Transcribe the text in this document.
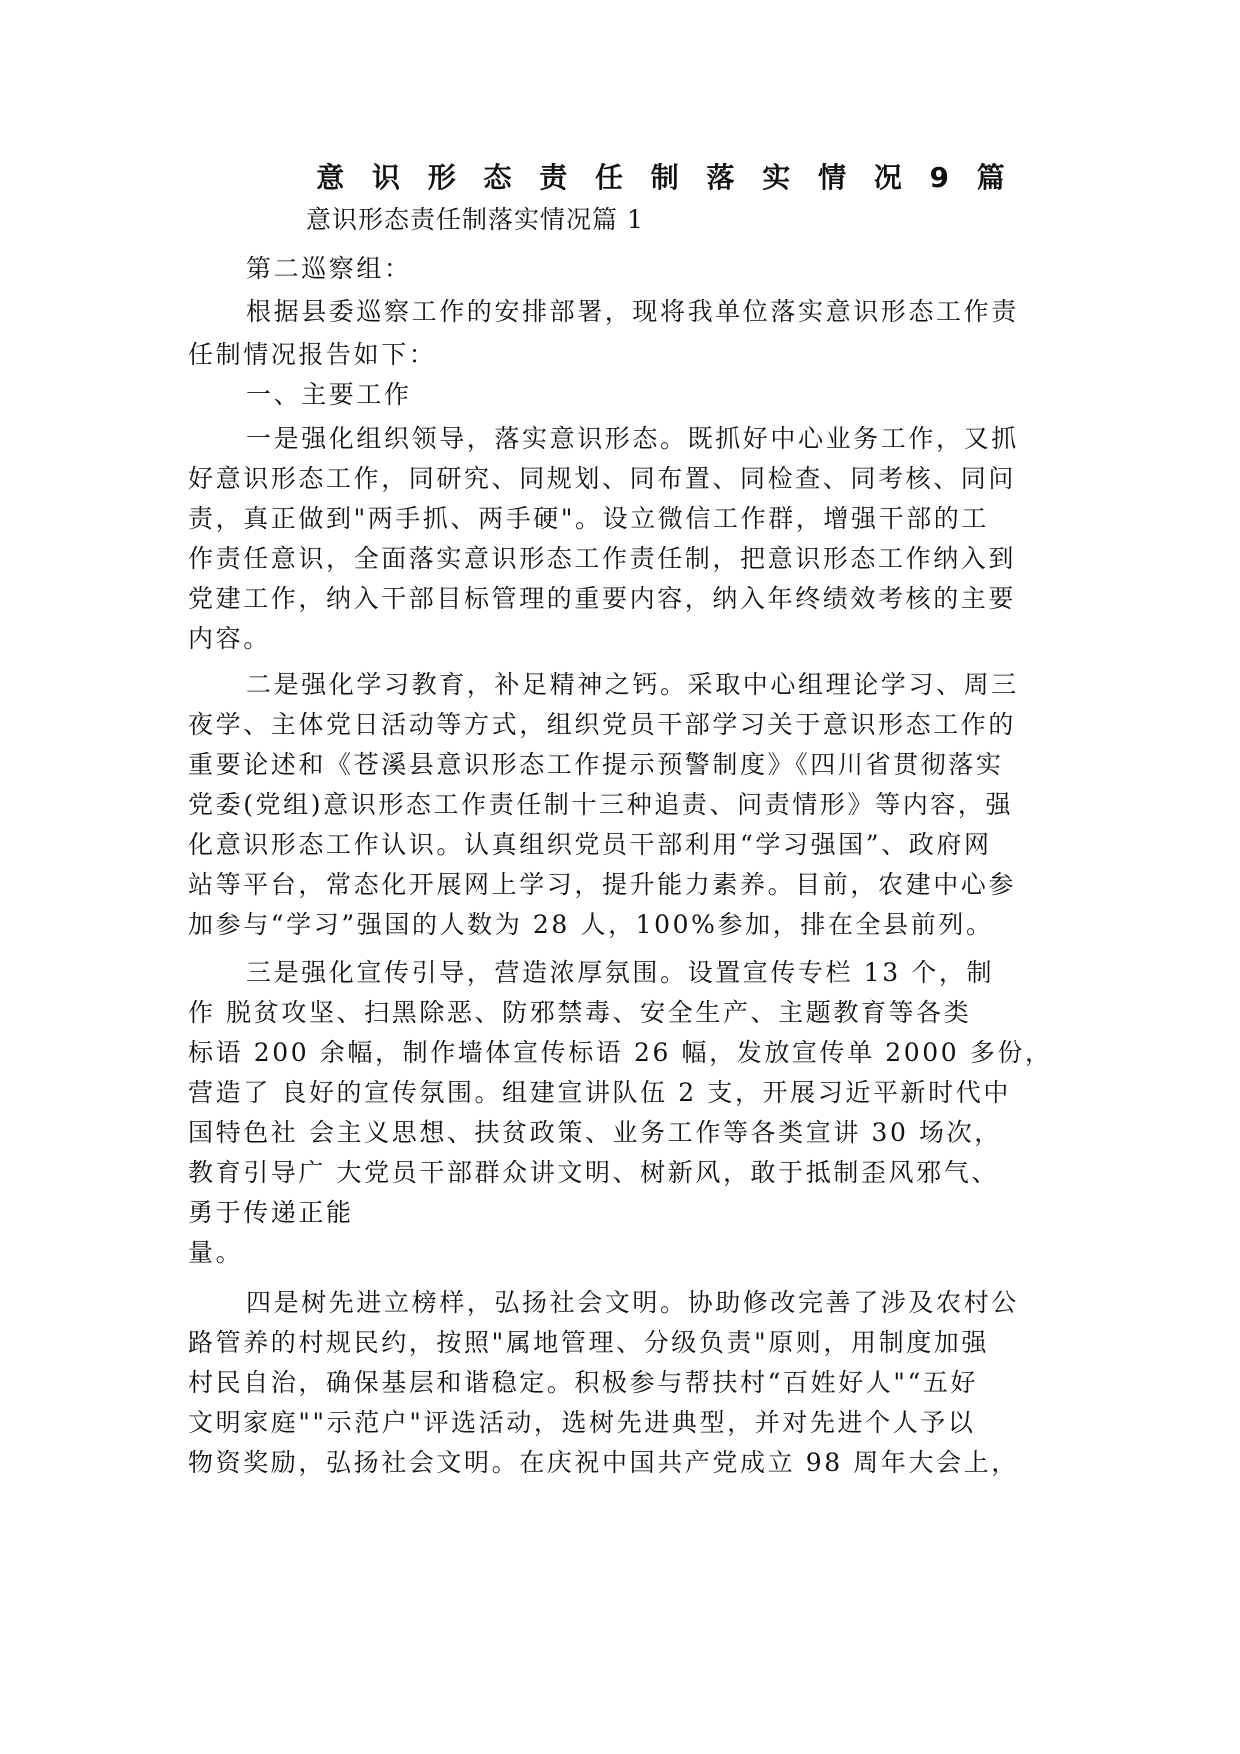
意 识 形 态 责 任 制 落 实 情 况 9 篇
意识形态责任制落实情况篇 1
第二巡察组：
根据县委巡察工作的安排部署，现将我单位落实意识形态工作责
任制情况报告如下：
一、主要工作
一是强化组织领导，落实意识形态。既抓好中心业务工作，又抓
好意识形态工作，同研究、同规划、同布置、同检查、同考核、同问
责，真正做到"两手抓、两手硬"。设立微信工作群，增强干部的工
作责任意识，全面落实意识形态工作责任制，把意识形态工作纳入到
党建工作，纳入干部目标管理的重要内容，纳入年终绩效考核的主要
内容。
二是强化学习教育，补足精神之钙。采取中心组理论学习、周三
夜学、主体党日活动等方式，组织党员干部学习关于意识形态工作的
重要论述和《苍溪县意识形态工作提示预警制度》《四川省贯彻落实
党委(党组)意识形态工作责任制十三种追责、问责情形》等内容，强
化意识形态工作认识。认真组织党员干部利用“学习强国”、政府网
站等平台，常态化开展网上学习，提升能力素养。目前，农建中心参
加参与“学习”强国的人数为 28 人，100%参加，排在全县前列。
三是强化宣传引导，营造浓厚氛围。设置宣传专栏 13 个，制
作 脱贫攻坚、扫黑除恶、防邪禁毒、安全生产、主题教育等各类
标语 200 余幅，制作墙体宣传标语 26 幅，发放宣传单 2000 多份，
营造了 良好的宣传氛围。组建宣讲队伍 2 支，开展习近平新时代中
国特色社 会主义思想、扶贫政策、业务工作等各类宣讲 30 场次，
教育引导广 大党员干部群众讲文明、树新风，敢于抵制歪风邪气、
勇于传递正能
量。
四是树先进立榜样，弘扬社会文明。协助修改完善了涉及农村公
路管养的村规民约，按照"属地管理、分级负责"原则，用制度加强
村民自治，确保基层和谐稳定。积极参与帮扶村“百姓好人"“五好
文明家庭""示范户"评选活动，选树先进典型，并对先进个人予以
物资奖励，弘扬社会文明。在庆祝中国共产党成立 98 周年大会上，
